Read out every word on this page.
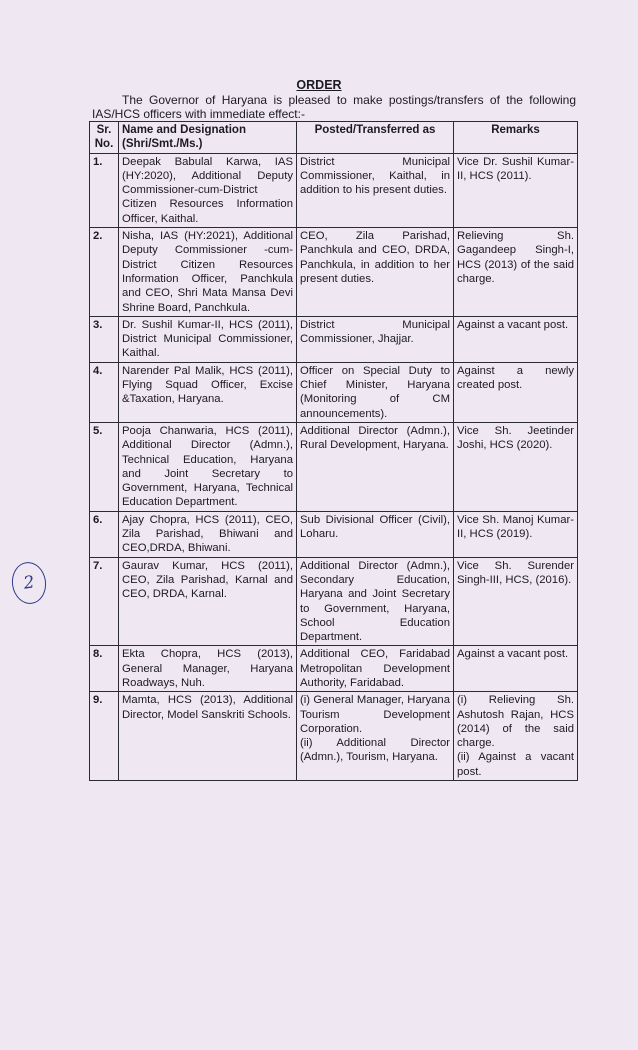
2
ORDER
The Governor of Haryana is pleased to make postings/transfers of the following IAS/HCS officers with immediate effect:-
Sr. No.	Name and Designation (Shri/Smt./Ms.)	Posted/Transferred as	Remarks
1.	Deepak Babulal Karwa, IAS (HY:2020), Additional Deputy Commissioner-cum-District Citizen Resources Information Officer, Kaithal.	District Municipal Commissioner, Kaithal, in addition to his present duties.	Vice Dr. Sushil Kumar-II, HCS (2011).
2.	Nisha, IAS (HY:2021), Additional Deputy Commissioner -cum- District Citizen Resources Information Officer, Panchkula and CEO, Shri Mata Mansa Devi Shrine Board, Panchkula.	CEO, Zila Parishad, Panchkula and CEO, DRDA, Panchkula, in addition to her present duties.	Relieving Sh. Gagandeep Singh-I, HCS (2013) of the said charge.
3.	Dr. Sushil Kumar-II, HCS (2011), District Municipal Commissioner, Kaithal.	District Municipal Commissioner, Jhajjar.	Against a vacant post.
4.	Narender Pal Malik, HCS (2011), Flying Squad Officer, Excise &Taxation, Haryana.	Officer on Special Duty to Chief Minister, Haryana (Monitoring of CM announcements).	Against a newly created post.
5.	Pooja Chanwaria, HCS (2011), Additional Director (Admn.), Technical Education, Haryana and Joint Secretary to Government, Haryana, Technical Education Department.	Additional Director (Admn.), Rural Development, Haryana.	Vice Sh. Jeetinder Joshi, HCS (2020).
6.	Ajay Chopra, HCS (2011), CEO, Zila Parishad, Bhiwani and CEO,DRDA, Bhiwani.	Sub Divisional Officer (Civil), Loharu.	Vice Sh. Manoj Kumar-II, HCS (2019).
7.	Gaurav Kumar, HCS (2011), CEO, Zila Parishad, Karnal and CEO, DRDA, Karnal.	Additional Director (Admn.), Secondary Education, Haryana and Joint Secretary to Government, Haryana, School Education Department.	Vice Sh. Surender Singh-III, HCS, (2016).
8.	Ekta Chopra, HCS (2013), General Manager, Haryana Roadways, Nuh.	Additional CEO, Faridabad Metropolitan Development Authority, Faridabad.	Against a vacant post.
9.	Mamta, HCS (2013), Additional Director, Model Sanskriti Schools.	(i) General Manager, Haryana Tourism Development Corporation.
(ii) Additional Director (Admn.), Tourism, Haryana.	(i) Relieving Sh. Ashutosh Rajan, HCS (2014) of the said charge.
(ii) Against a vacant post.
